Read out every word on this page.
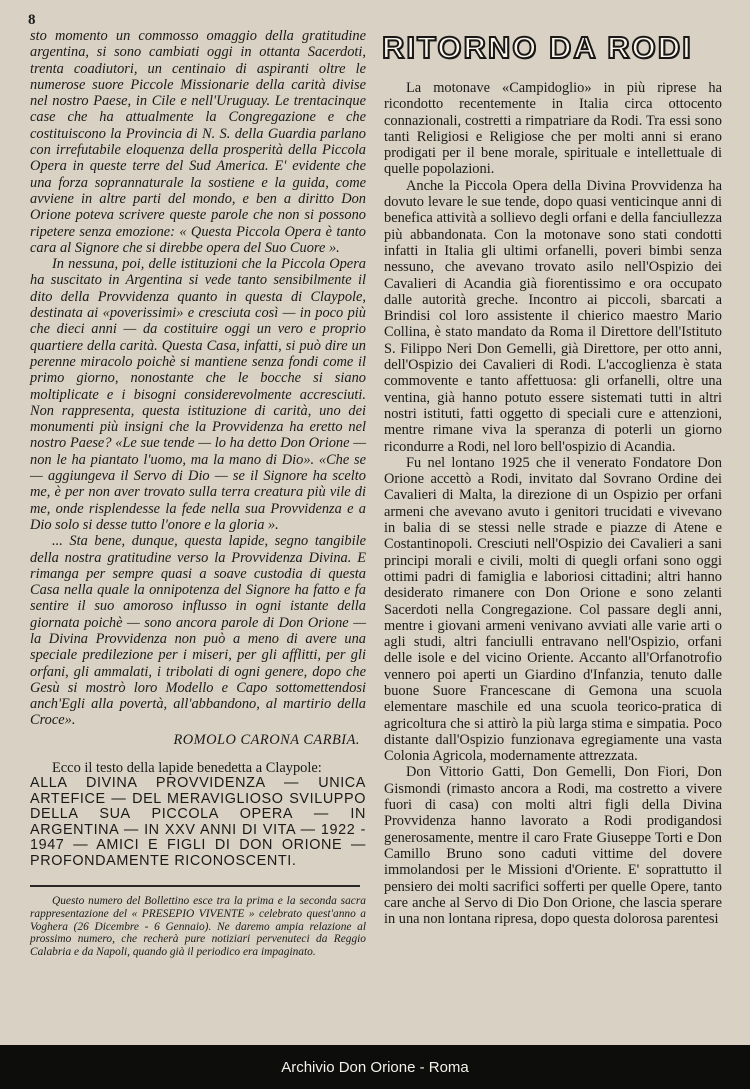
8

sto momento un commosso omaggio della gratitudine argentina, si sono cambiati oggi in ottanta Sacerdoti, trenta coadiutori, un centinaio di aspiranti oltre le numerose suore Piccole Missionarie della carità divise nel nostro Paese, in Cile e nell'Uruguay. Le trentacinque case che ha attualmente la Congregazione e che costituiscono la Provincia di N. S. della Guardia parlano con irrefutabile eloquenza della prosperità della Piccola Opera in queste terre del Sud America. E' evidente che una forza soprannaturale la sostiene e la guida, come avviene in altre parti del mondo, e ben a diritto Don Orione poteva scrivere queste parole che non si possono ripetere senza emozione: « Questa Piccola Opera è tanto cara al Signore che si direbbe opera del Suo Cuore ».

In nessuna, poi, delle istituzioni che la Piccola Opera ha suscitato in Argentina si vede tanto sensibilmente il dito della Provvidenza quanto in questa di Claypole, destinata ai «poverissimi» e cresciuta così — in poco più che dieci anni — da costituire oggi un vero e proprio quartiere della carità. Questa Casa, infatti, si può dire un perenne miracolo poichè si mantiene senza fondi come il primo giorno, nonostante che le bocche si siano moltiplicate e i bisogni considerevolmente accresciuti. Non rappresenta, questa istituzione di carità, uno dei monumenti più insigni che la Provvidenza ha eretto nel nostro Paese? «Le sue tende — lo ha detto Don Orione — non le ha piantato l'uomo, ma la mano di Dio». «Che se — aggiungeva il Servo di Dio — se il Signore ha scelto me, è per non aver trovato sulla terra creatura più vile di me, onde risplendesse la fede nella sua Provvidenza e a Dio solo si desse tutto l'onore e la gloria ».

... Sta bene, dunque, questa lapide, segno tangibile della nostra gratitudine verso la Provvidenza Divina. E rimanga per sempre quasi a soave custodia di questa Casa nella quale la onnipotenza del Signore ha fatto e fa sentire il suo amoroso influsso in ogni istante della giornata poichè — sono ancora parole di Don Orione — la Divina Provvidenza non può a meno di avere una speciale predilezione per i miseri, per gli afflitti, per gli orfani, gli ammalati, i tribolati di ogni genere, dopo che Gesù si mostrò loro Modello e Capo sottomettendosi anch'Egli alla povertà, all'abbandono, al martirio della Croce».

ROMOLO CARONA CARBIA.

Ecco il testo della lapide benedetta a Claypole:

ALLA DIVINA PROVVIDENZA — UNICA ARTEFICE — DEL MERAVIGLIOSO SVILUPPO DELLA SUA PICCOLA OPERA — IN ARGENTINA — IN XXV ANNI DI VITA — 1922 - 1947 — AMICI E FIGLI DI DON ORIONE — PROFONDAMENTE RICONOSCENTI.

Questo numero del Bollettino esce tra la prima e la seconda sacra rappresentazione del « PRESEPIO VIVENTE » celebrato quest'anno a Voghera (26 Dicembre - 6 Gennaio). Ne daremo ampia relazione al prossimo numero, che recherà pure notiziari pervenuteci da Reggio Calabria e da Napoli, quando già il periodico era impaginato.

RITORNO DA RODI

La motonave «Campidoglio» in più riprese ha ricondotto recentemente in Italia circa ottocento connazionali, costretti a rimpatriare da Rodi. Tra essi sono tanti Religiosi e Religiose che per molti anni si erano prodigati per il bene morale, spirituale e intellettuale di quelle popolazioni.

Anche la Piccola Opera della Divina Provvidenza ha dovuto levare le sue tende, dopo quasi venticinque anni di benefica attività a sollievo degli orfani e della fanciullezza più abbandonata. Con la motonave sono stati condotti infatti in Italia gli ultimi orfanelli, poveri bimbi senza nessuno, che avevano trovato asilo nell'Ospizio dei Cavalieri di Acandia già fiorentissimo e ora occupato dalle autorità greche. Incontro ai piccoli, sbarcati a Brindisi col loro assistente il chierico maestro Mario Collina, è stato mandato da Roma il Direttore dell'Istituto S. Filippo Neri Don Gemelli, già Direttore, per otto anni, dell'Ospizio dei Cavalieri di Rodi. L'accoglienza è stata commovente e tanto affettuosa: gli orfanelli, oltre una ventina, già hanno potuto essere sistemati tutti in altri nostri istituti, fatti oggetto di speciali cure e attenzioni, mentre rimane viva la speranza di poterli un giorno ricondurre a Rodi, nel loro bell'ospizio di Acandia.

Fu nel lontano 1925 che il venerato Fondatore Don Orione accettò a Rodi, invitato dal Sovrano Ordine dei Cavalieri di Malta, la direzione di un Ospizio per orfani armeni che avevano avuto i genitori trucidati e vivevano in balia di se stessi nelle strade e piazze di Atene e Costantinopoli. Cresciuti nell'Ospizio dei Cavalieri a sani principi morali e civili, molti di quegli orfani sono oggi ottimi padri di famiglia e laboriosi cittadini; altri hanno desiderato rimanere con Don Orione e sono zelanti Sacerdoti nella Congregazione. Col passare degli anni, mentre i giovani armeni venivano avviati alle varie arti o agli studi, altri fanciulli entravano nell'Ospizio, orfani delle isole e del vicino Oriente. Accanto all'Orfanotrofio vennero poi aperti un Giardino d'Infanzia, tenuto dalle buone Suore Francescane di Gemona una scuola elementare maschile ed una scuola teorico-pratica di agricoltura che si attirò la più larga stima e simpatia. Poco distante dall'Ospizio funzionava egregiamente una vasta Colonia Agricola, modernamente attrezzata.

Don Vittorio Gatti, Don Gemelli, Don Fiori, Don Gismondi (rimasto ancora a Rodi, ma costretto a vivere fuori di casa) con molti altri figli della Divina Provvidenza hanno lavorato a Rodi prodigandosi generosamente, mentre il caro Frate Giuseppe Torti e Don Camillo Bruno sono caduti vittime del dovere immolandosi per le Missioni d'Oriente. E' soprattutto il pensiero dei molti sacrifici sofferti per quelle Opere, tanto care anche al Servo di Dio Don Orione, che lascia sperare in una non lontana ripresa, dopo questa dolorosa parentesi

Archivio Don Orione - Roma
